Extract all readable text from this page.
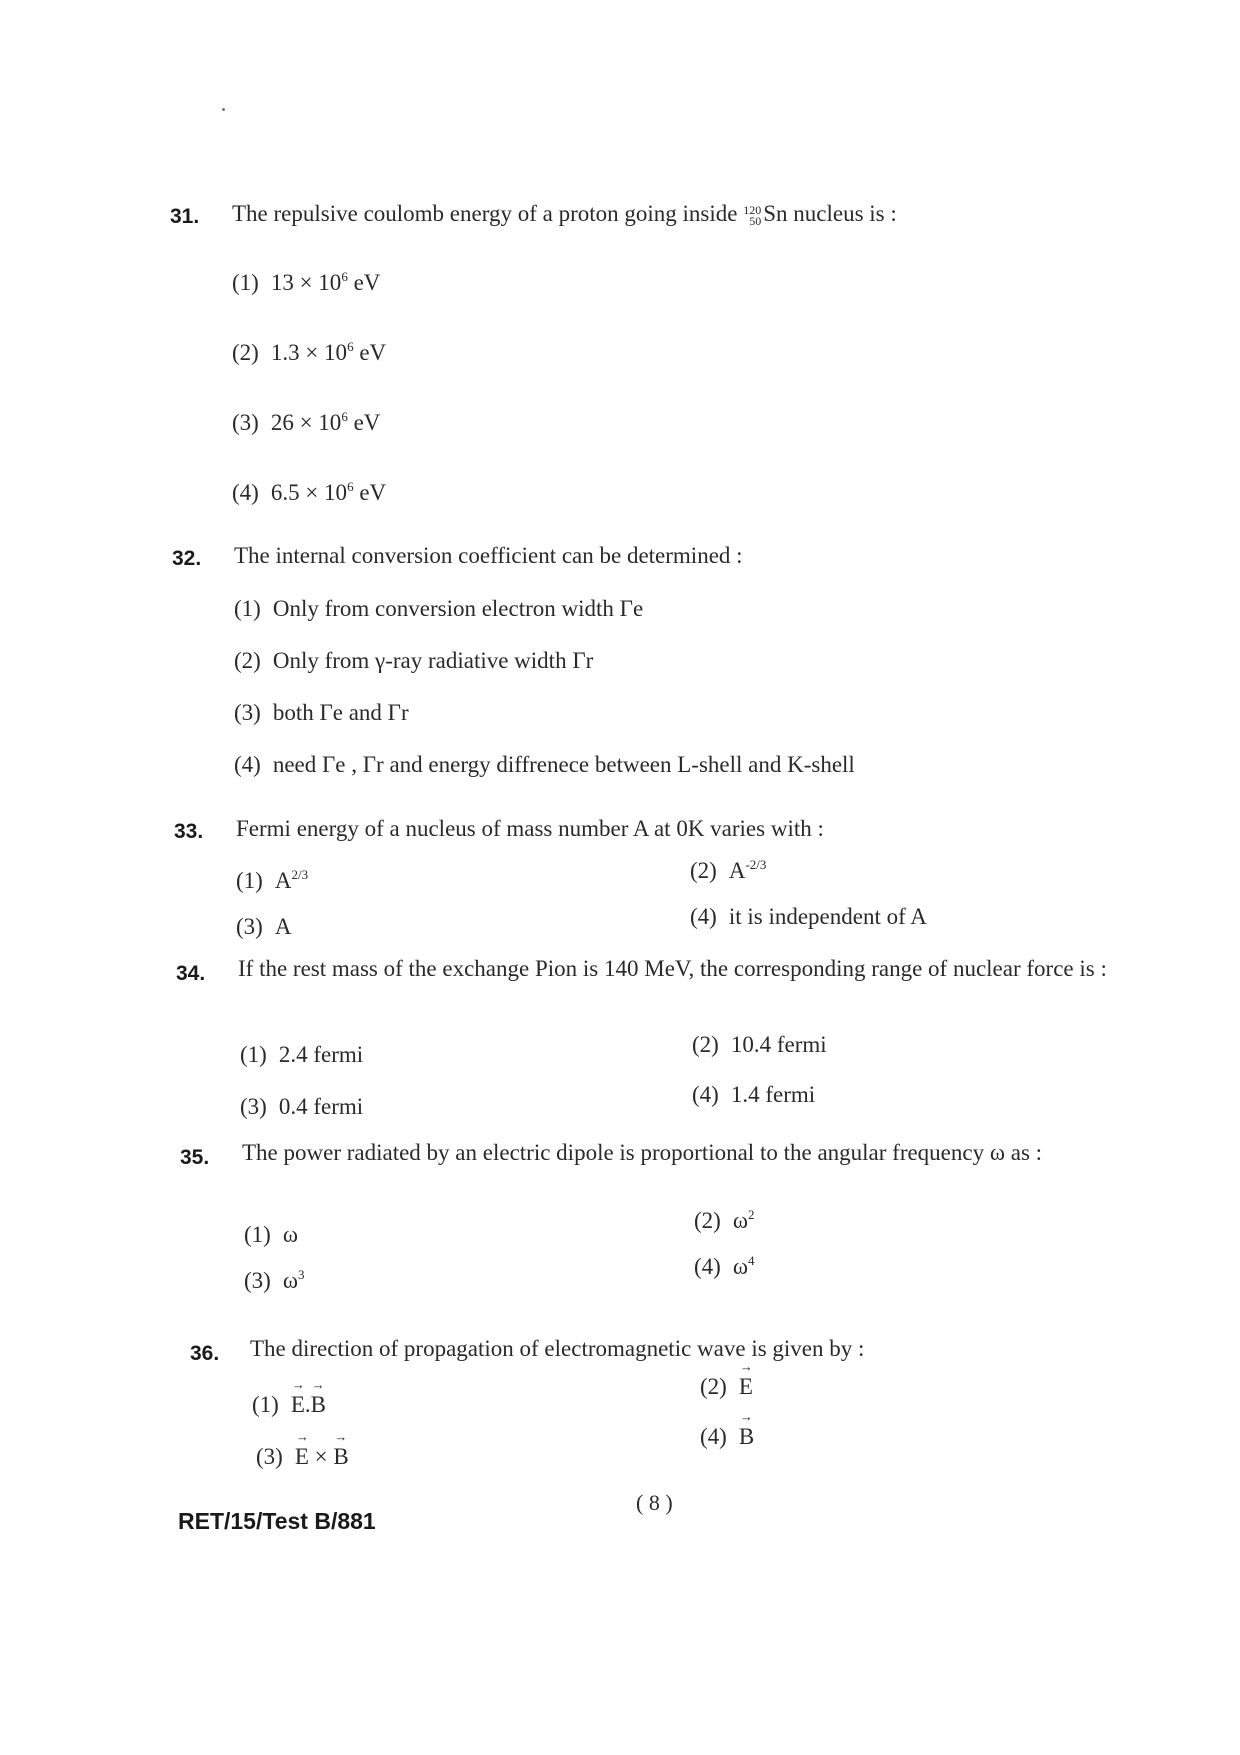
31. The repulsive coulomb energy of a proton going inside 120
50Sn nucleus is :
(1) $13 \times 10^6$ eV
(2) $1.3 \times 10^6$ eV
(3) $26 \times 10^6$ eV
(4) $6.5 \times 10^6$ eV
32. The internal conversion coefficient can be determined :
(1) Only from conversion electron width Γe
(2) Only from γ-ray radiative width Γr
(3) both Γe and Γr
(4) need Γe , Γr and energy diffrenece between L-shell and K-shell
33. Fermi energy of a nucleus of mass number A at 0K varies with :
(1) $A^{2/3}$	(2) $A^{-2/3}$
(3) A	(4) it is independent of A
34. If the rest mass of the exchange Pion is 140 MeV, the corresponding range of nuclear force is :
(1) 2.4 fermi	(2) 10.4 fermi
(3) 0.4 fermi	(4) 1.4 fermi
35. The power radiated by an electric dipole is proportional to the angular frequency ω as :
(1) ω
(2) $\omega^2$
(3) $\omega^3$	(4) $\omega^4$
36. The direction of propagation of electromagnetic wave is given by :
(1) → E.→ B
(2) → E
(3) → E × → B
(4) → B
( 8 )
RET/15/Test B/881
